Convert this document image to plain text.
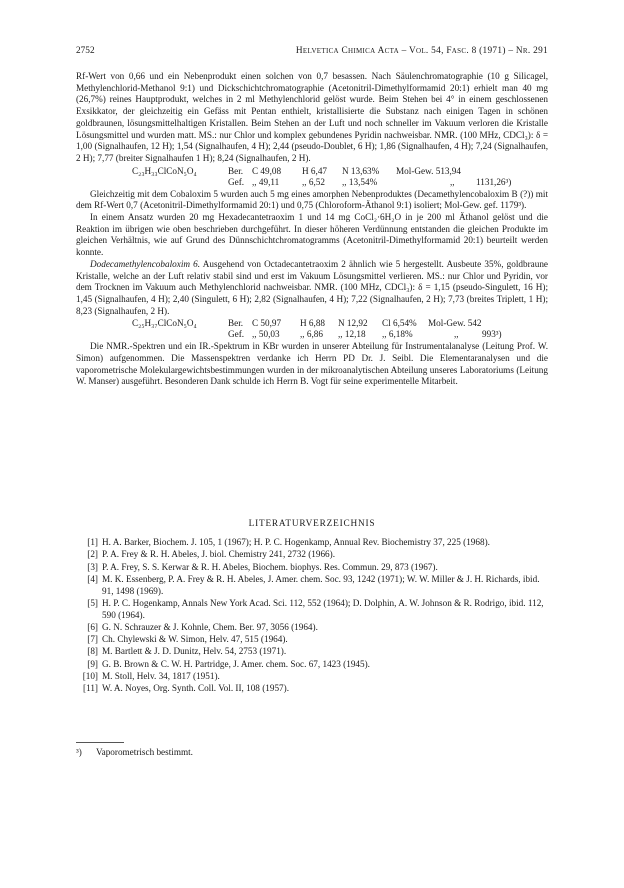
2752	Helvetica Chimica Acta – Vol. 54, Fasc. 8 (1971) – Nr. 291

Rf-Wert von 0,66 und ein Nebenprodukt einen solchen von 0,7 besassen. Nach Säulenchromatographie (10 g Silicagel, Methylenchlorid-Methanol 9:1) und Dickschichtchromatographie (Acetonitril-Dimethylformamid 20:1) erhielt man 40 mg (26,7%) reines Hauptprodukt, welches in 2 ml Methylenchlorid gelöst wurde. Beim Stehen bei 4° in einem geschlossenen Exsikkator, der gleichzeitig ein Gefäss mit Pentan enthielt, kristallisierte die Substanz nach einigen Tagen in schönen goldbraunen, lösungsmittelhaltigen Kristallen. Beim Stehen an der Luft und noch schneller im Vakuum verloren die Kristalle Lösungsmittel und wurden matt. MS.: nur Chlor und komplex gebundenes Pyridin nachweisbar. NMR. (100 MHz, CDCl₃): δ = 1,00 (Signalhaufen, 12 H); 1,54 (Signalhaufen, 4 H); 2,44 (pseudo-Doublet, 6 H); 1,86 (Signalhaufen, 4 H); 7,24 (Signalhaufen, 2 H); 7,77 (breiter Signalhaufen 1 H); 8,24 (Signalhaufen, 2 H).

C₂₃H₃₃ClCoN₅O₄	Ber. C 49,08 H 6,47 N 13,63% Mol-Gew. 513,94
Gef. ,, 49,11 ,, 6,52 ,, 13,54%	,, 1131,26³)

Gleichzeitig mit dem Cobaloxim 5 wurden auch 5 mg eines amorphen Nebenproduktes (Decamethylencobaloxim B (?)) mit dem Rf-Wert 0,7 (Acetonitril-Dimethylformamid 20:1) und 0,75 (Chloroform-Äthanol 9:1) isoliert; Mol-Gew. gef. 1179³).

In einem Ansatz wurden 20 mg Hexadecantetraoxim 1 und 14 mg CoCl₂·6H₂O in je 200 ml Äthanol gelöst und die Reaktion im übrigen wie oben beschrieben durchgeführt. In dieser höheren Verdünnung entstanden die gleichen Produkte im gleichen Verhältnis, wie auf Grund des Dünnschichtchromatogramms (Acetonitril-Dimethylformamid 20:1) beurteilt werden konnte.

Dodecamethylencobaloxim 6. Ausgehend von Octadecantetraoxim 2 ähnlich wie 5 hergestellt. Ausbeute 35%, goldbraune Kristalle, welche an der Luft relativ stabil sind und erst im Vakuum Lösungsmittel verlieren. MS.: nur Chlor und Pyridin, vor dem Trocknen im Vakuum auch Methylenchlorid nachweisbar. NMR. (100 MHz, CDCl₃): δ = 1,15 (pseudo-Singulett, 16 H); 1,45 (Signalhaufen, 4 H); 2,40 (Singulett, 6 H); 2,82 (Signalhaufen, 4 H); 7,22 (Signalhaufen, 2 H); 7,73 (breites Triplett, 1 H); 8,23 (Signalhaufen, 2 H).

C₂₅H₃₇ClCoN₅O₄	Ber. C 50,97 H 6,88 N 12,92 Cl 6,54% Mol-Gew. 542
Gef. ,, 50,03 ,, 6,86 ,, 12,18 ,, 6,18%	,,	993³)

Die NMR.-Spektren und ein IR.-Spektrum in KBr wurden in unserer Abteilung für Instrumentalanalyse (Leitung Prof. W. Simon) aufgenommen. Die Massenspektren verdanke ich Herrn PD Dr. J. Seibl. Die Elementaranalysen und die vaporometrische Molekulargewichtsbestimmungen wurden in der mikroanalytischen Abteilung unseres Laboratoriums (Leitung W. Manser) ausgeführt. Besonderen Dank schulde ich Herrn B. Vogt für seine experimentelle Mitarbeit.

LITERATURVERZEICHNIS
[1] H. A. Barker, Biochem. J. 105, 1 (1967); H. P. C. Hogenkamp, Annual Rev. Biochemistry 37, 225 (1968).
[2] P. A. Frey & R. H. Abeles, J. biol. Chemistry 241, 2732 (1966).
[3] P. A. Frey, S. S. Kerwar & R. H. Abeles, Biochem. biophys. Res. Commun. 29, 873 (1967).
[4] M. K. Essenberg, P. A. Frey & R. H. Abeles, J. Amer. chem. Soc. 93, 1242 (1971); W. W. Miller & J. H. Richards, ibid. 91, 1498 (1969).
[5] H. P. C. Hogenkamp, Annals New York Acad. Sci. 112, 552 (1964); D. Dolphin, A. W. Johnson & R. Rodrigo, ibid. 112, 590 (1964).
[6] G. N. Schrauzer & J. Kohnle, Chem. Ber. 97, 3056 (1964).
[7] Ch. Chylewski & W. Simon, Helv. 47, 515 (1964).
[8] M. Bartlett & J. D. Dunitz, Helv. 54, 2753 (1971).
[9] G. B. Brown & C. W. H. Partridge, J. Amer. chem. Soc. 67, 1423 (1945).
[10] M. Stoll, Helv. 34, 1817 (1951).
[11] W. A. Noyes, Org. Synth. Coll. Vol. II, 108 (1957).
³) Vaporometrisch bestimmt.
